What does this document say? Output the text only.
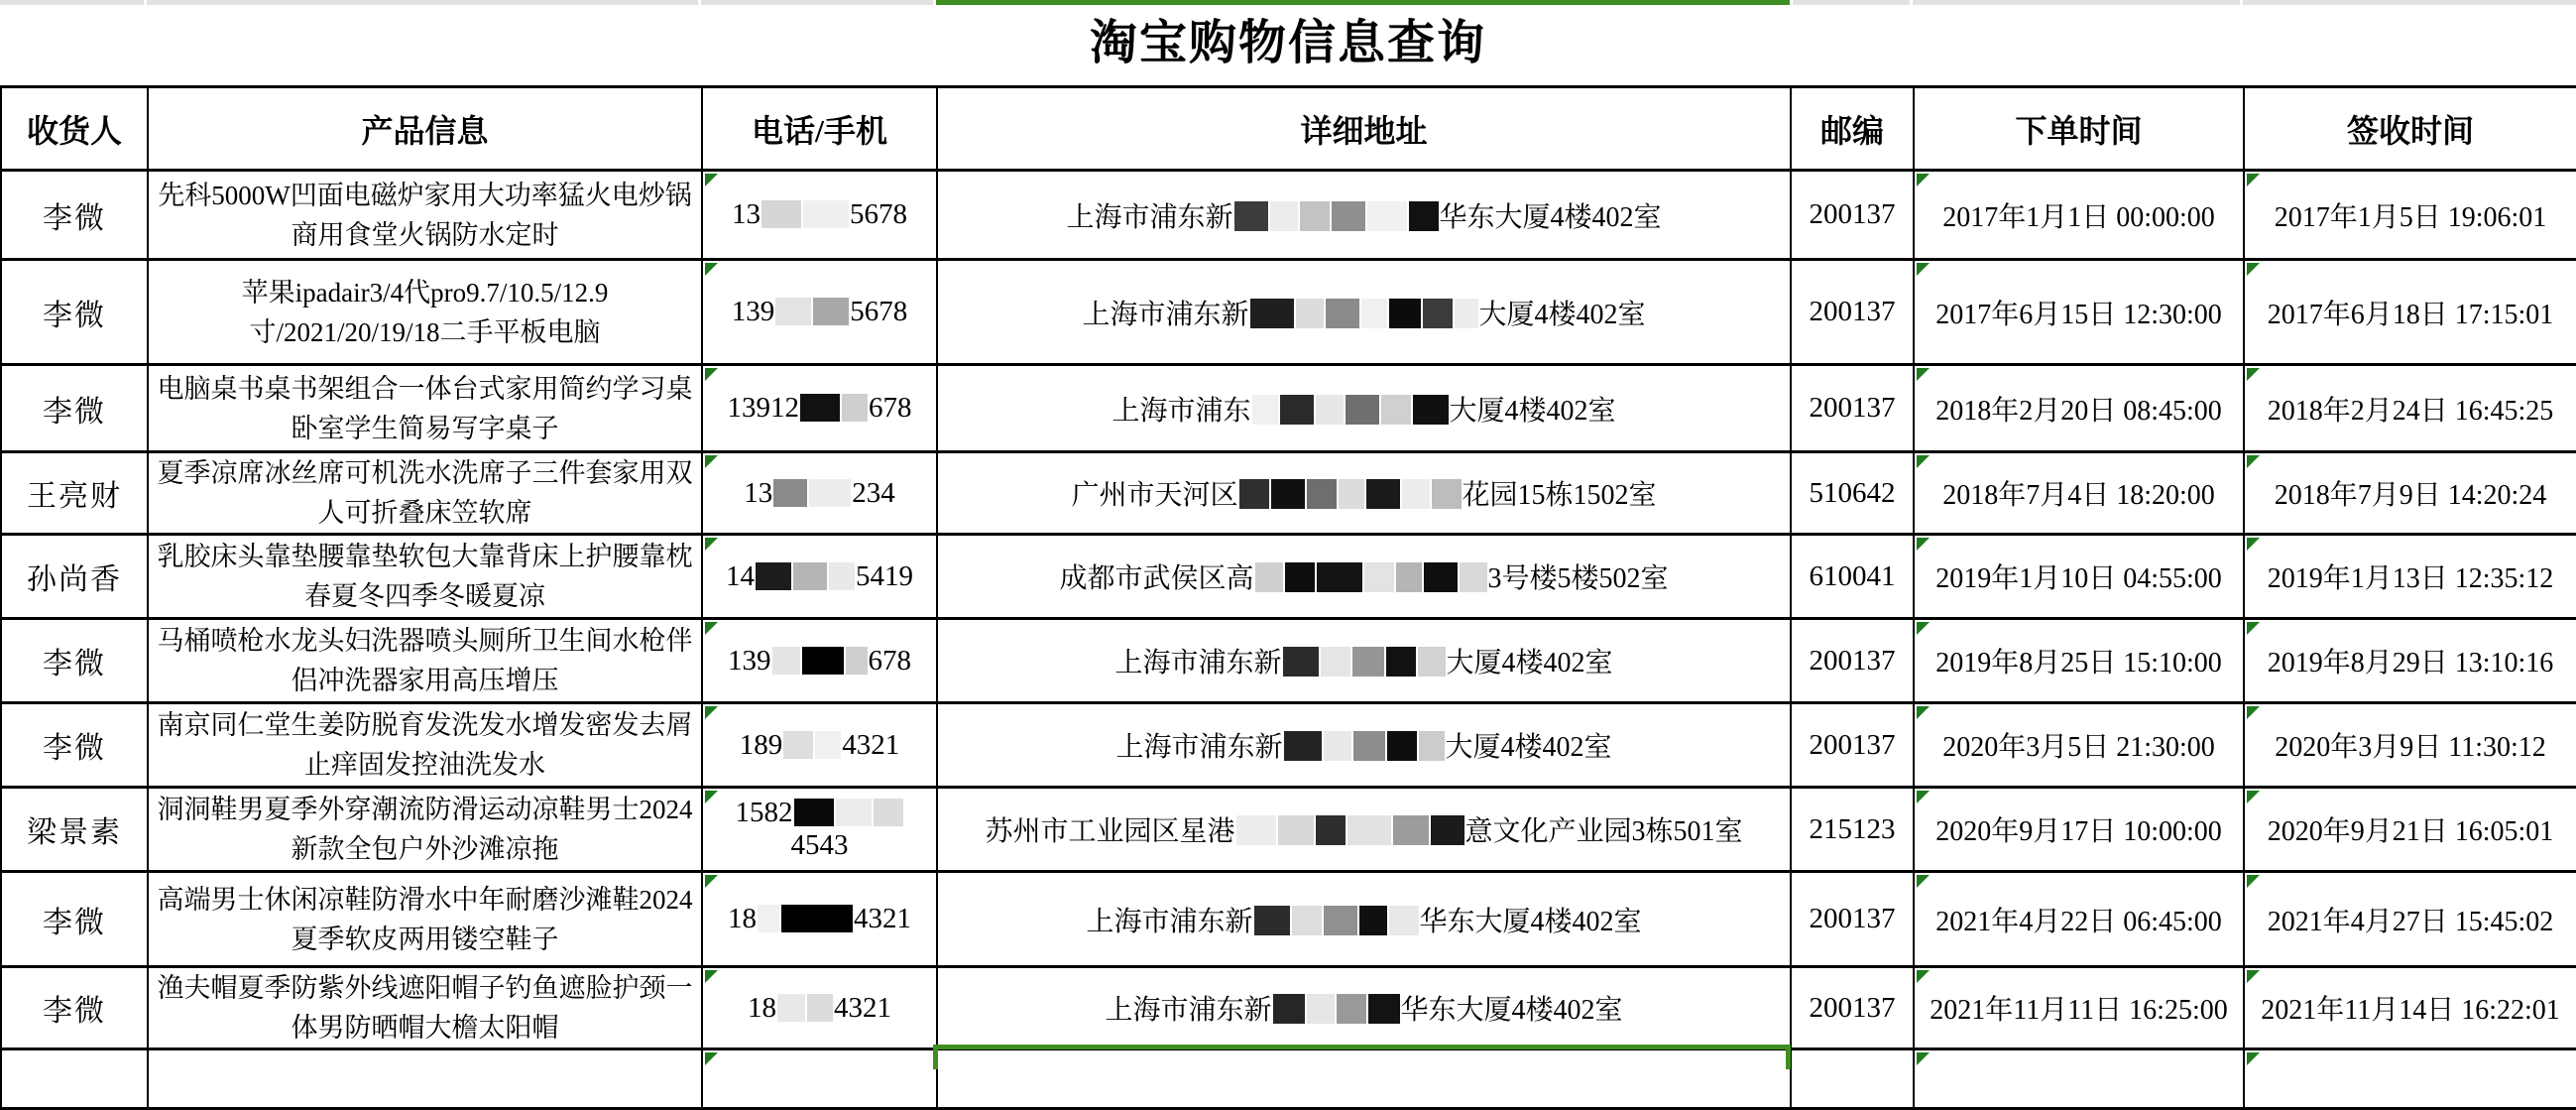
淘宝购物信息查询
收货人	产品信息	电话/手机	详细地址	邮编	下单时间	签收时间
李微	先科5000W凹面电磁炉家用大功率猛火电炒锅商用食堂火锅防水定时	13 5678	上海市浦东新 华东大厦4楼402室	200137	2017年1月1日 00:00:00	2017年1月5日 19:06:01

李微	苹果ipadair3/4代pro9.7/10.5/12.9寸/2021/20/19/18二手平板电脑	139 5678	上海市浦东新 大厦4楼402室	200137	2017年6月15日 12:30:00	2017年6月18日 17:15:01

李微	电脑桌书桌书架组合一体台式家用简约学习桌卧室学生简易写字桌子	13912 678	上海市浦东 大厦4楼402室	200137	2018年2月20日 08:45:00	2018年2月24日 16:45:25

王亮财	夏季凉席冰丝席可机洗水洗席子三件套家用双人可折叠床笠软席	13 234	广州市天河区 花园15栋1502室	510642	2018年7月4日 18:20:00	2018年7月9日 14:20:24

孙尚香	乳胶床头靠垫腰靠垫软包大靠背床上护腰靠枕春夏冬四季冬暖夏凉	14 5419	成都市武侯区高 3号楼5楼502室	610041	2019年1月10日 04:55:00	2019年1月13日 12:35:12

李微	马桶喷枪水龙头妇洗器喷头厕所卫生间水枪伴侣冲洗器家用高压增压	139 678	上海市浦东新 大厦4楼402室	200137	2019年8月25日 15:10:00	2019年8月29日 13:10:16

李微	南京同仁堂生姜防脱育发洗发水增发密发去屑止痒固发控油洗发水	189 4321	上海市浦东新 大厦4楼402室	200137	2020年3月5日 21:30:00	2020年3月9日 11:30:12

梁景素	洞洞鞋男夏季外穿潮流防滑运动凉鞋男士2024新款全包户外沙滩凉拖	15824543	苏州市工业园区星港 意文化产业园3栋501室	215123	2020年9月17日 10:00:00	2020年9月21日 16:05:01

李微	高端男士休闲凉鞋防滑水中年耐磨沙滩鞋2024夏季软皮两用镂空鞋子	18 4321	上海市浦东新 华东大厦4楼402室	200137	2021年4月22日 06:45:00	2021年4月27日 15:45:02

李微	渔夫帽夏季防紫外线遮阳帽子钓鱼遮脸护颈一体男防晒帽大檐太阳帽	18 4321	上海市浦东新 华东大厦4楼402室	200137	2021年11月11日 16:25:00	2021年11月14日 16:22:01
